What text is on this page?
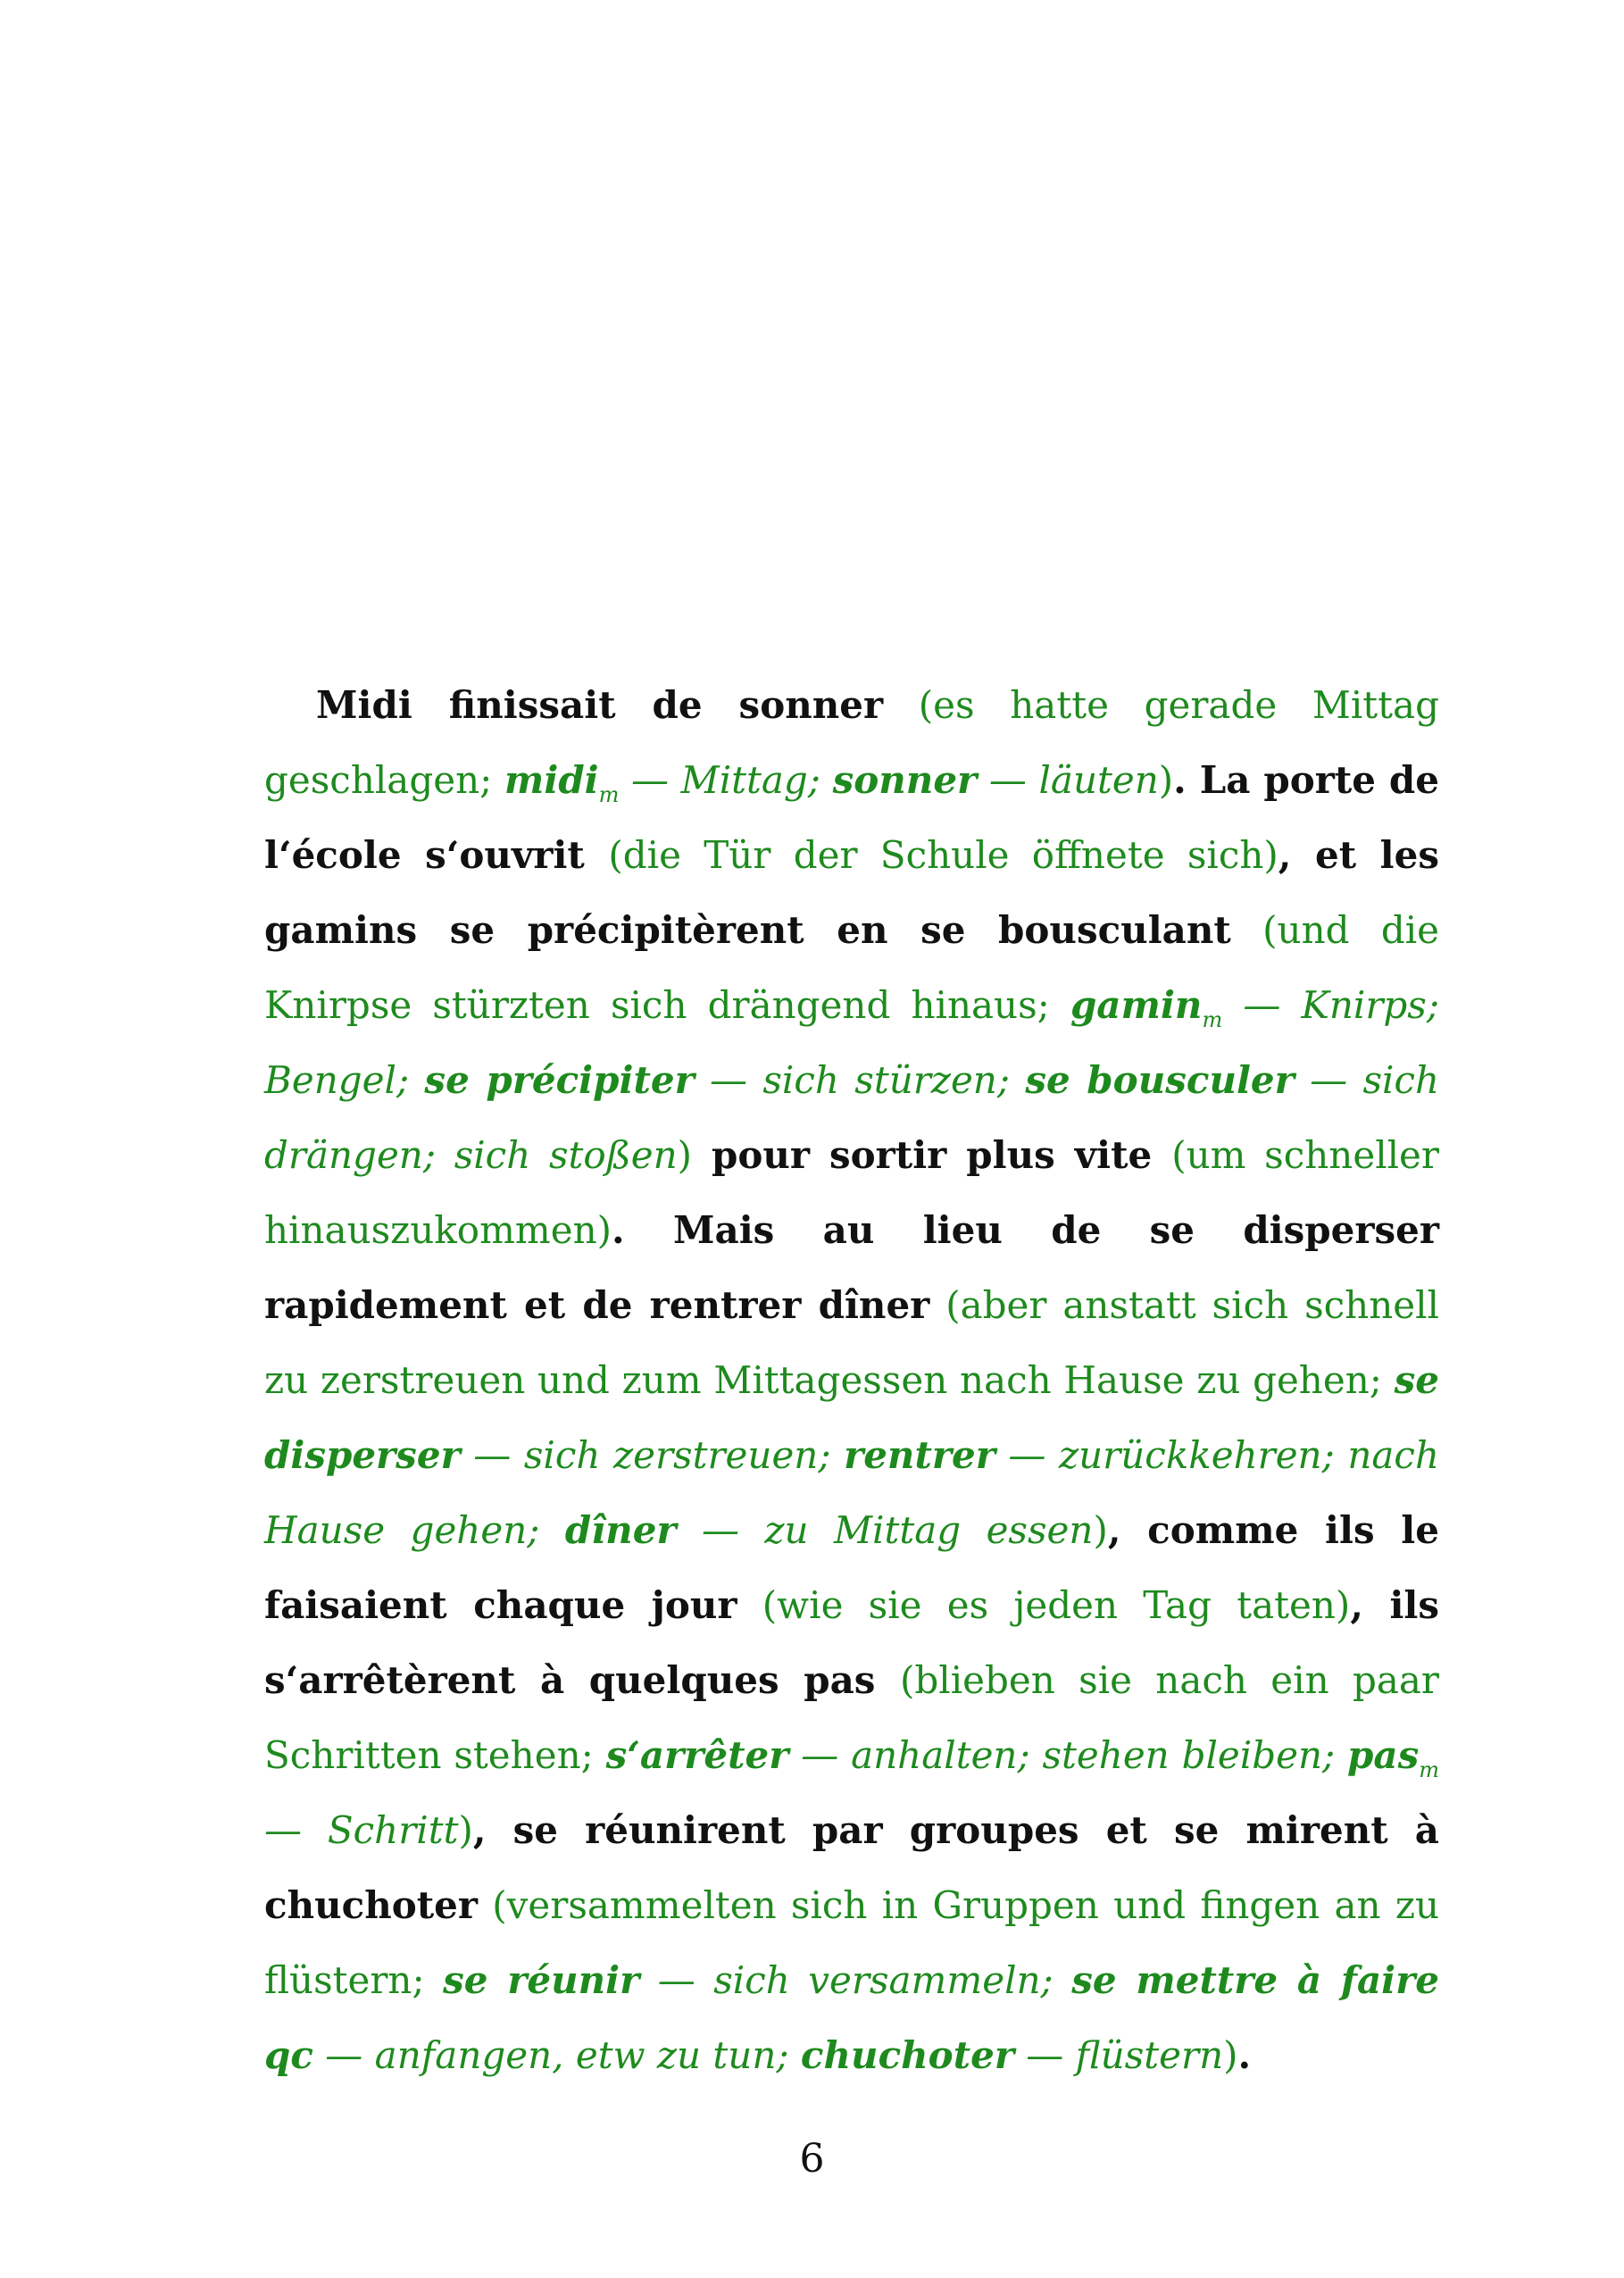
Midi finissait de sonner (es hatte gerade Mittag geschlagen; midi$_m$ — Mittag; sonner — läuten). La porte de l‘école s‘ouvrit (die Tür der Schule öffnete sich), et les gamins se précipitèrent en se bousculant (und die Knirpse stürzten sich drängend hinaus; gamin$_m$ — Knirps; Bengel; se précipiter — sich stürzen; se bousculer — sich drängen; sich stoßen) pour sortir plus vite (um schneller hinauszukommen). Mais au lieu de se disperser rapidement et de rentrer dîner (aber anstatt sich schnell zu zerstreuen und zum Mittagessen nach Hause zu gehen; se disperser — sich zerstreuen; rentrer — zurückkehren; nach Hause gehen; dîner — zu Mittag essen), comme ils le faisaient chaque jour (wie sie es jeden Tag taten), ils s‘arrêtèrent à quelques pas (blieben sie nach ein paar Schritten stehen; s‘arrêter — anhalten; stehen bleiben; pas$_m$ — Schritt), se réunirent par groupes et se mirent à chuchoter (versammelten sich in Gruppen und fingen an zu flüstern; se réunir — sich versammeln; se mettre à faire qc — anfangen, etw zu tun; chuchoter — flüstern).

6
